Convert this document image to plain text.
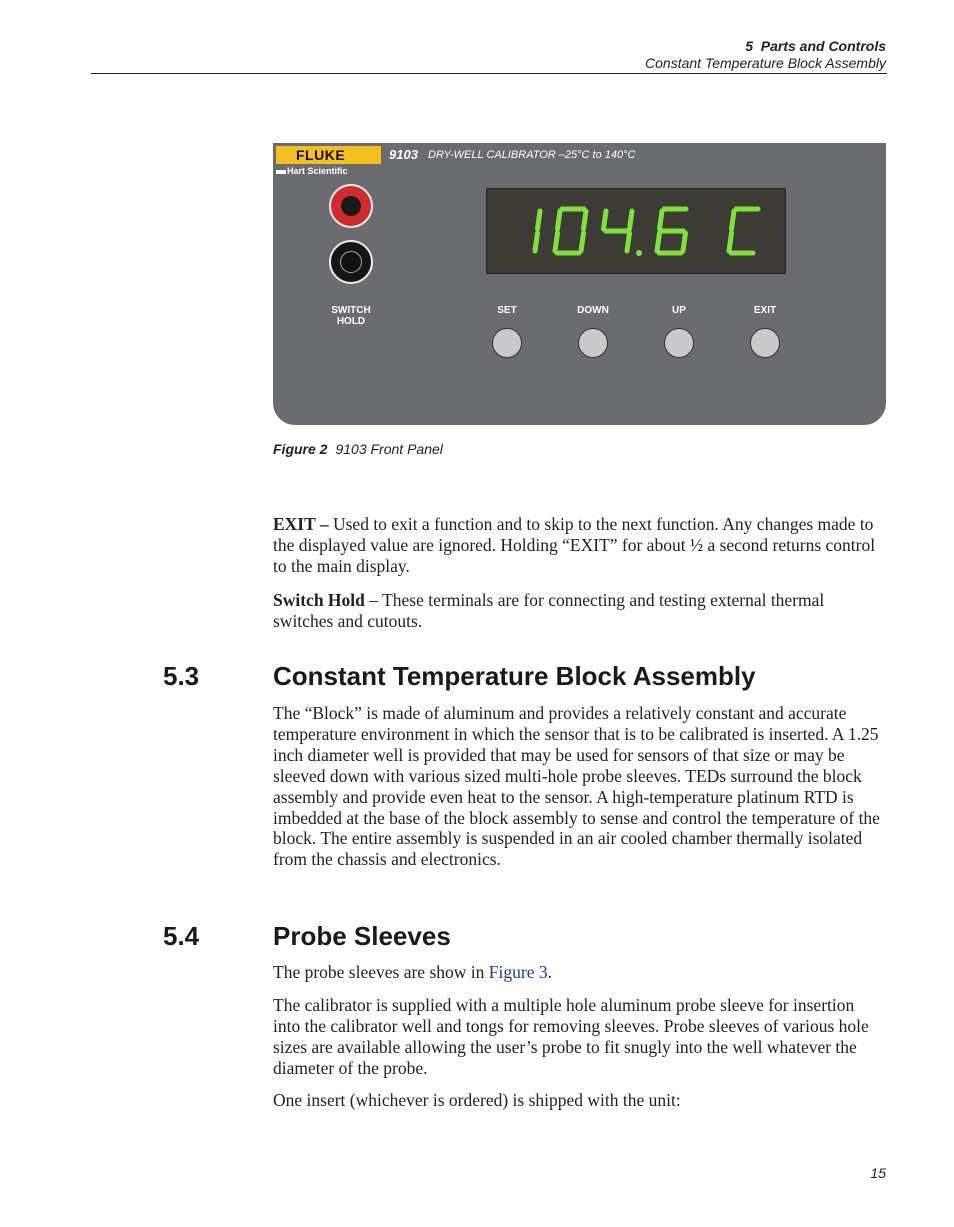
5  Parts and Controls
Constant Temperature Block Assembly
FLUKE
Hart Scientific
9103 DRY-WELL CALIBRATOR –25°C to 140°C
SWITCH
HOLD
SET	DOWN	UP	EXIT
Figure 2 9103 Front Panel
EXIT – Used to exit a function and to skip to the next function. Any changes made to the displayed value are ignored. Holding “EXIT” for about ½ a second returns control to the main display.
Switch Hold – These terminals are for connecting and testing external thermal switches and cutouts.
5.3	Constant Temperature Block Assembly
The “Block” is made of aluminum and provides a relatively constant and accurate temperature environment in which the sensor that is to be calibrated is inserted. A 1.25 inch diameter well is provided that may be used for sensors of that size or may be sleeved down with various sized multi-hole probe sleeves. TEDs surround the block assembly and provide even heat to the sensor. A high-temperature platinum RTD is imbedded at the base of the block assembly to sense and control the temperature of the block. The entire assembly is suspended in an air cooled chamber thermally isolated from the chassis and electronics.
5.4	Probe Sleeves
The probe sleeves are show in Figure 3.
The calibrator is supplied with a multiple hole aluminum probe sleeve for insertion into the calibrator well and tongs for removing sleeves. Probe sleeves of various hole sizes are available allowing the user’s probe to fit snugly into the well whatever the diameter of the probe.
One insert (whichever is ordered) is shipped with the unit:
15
